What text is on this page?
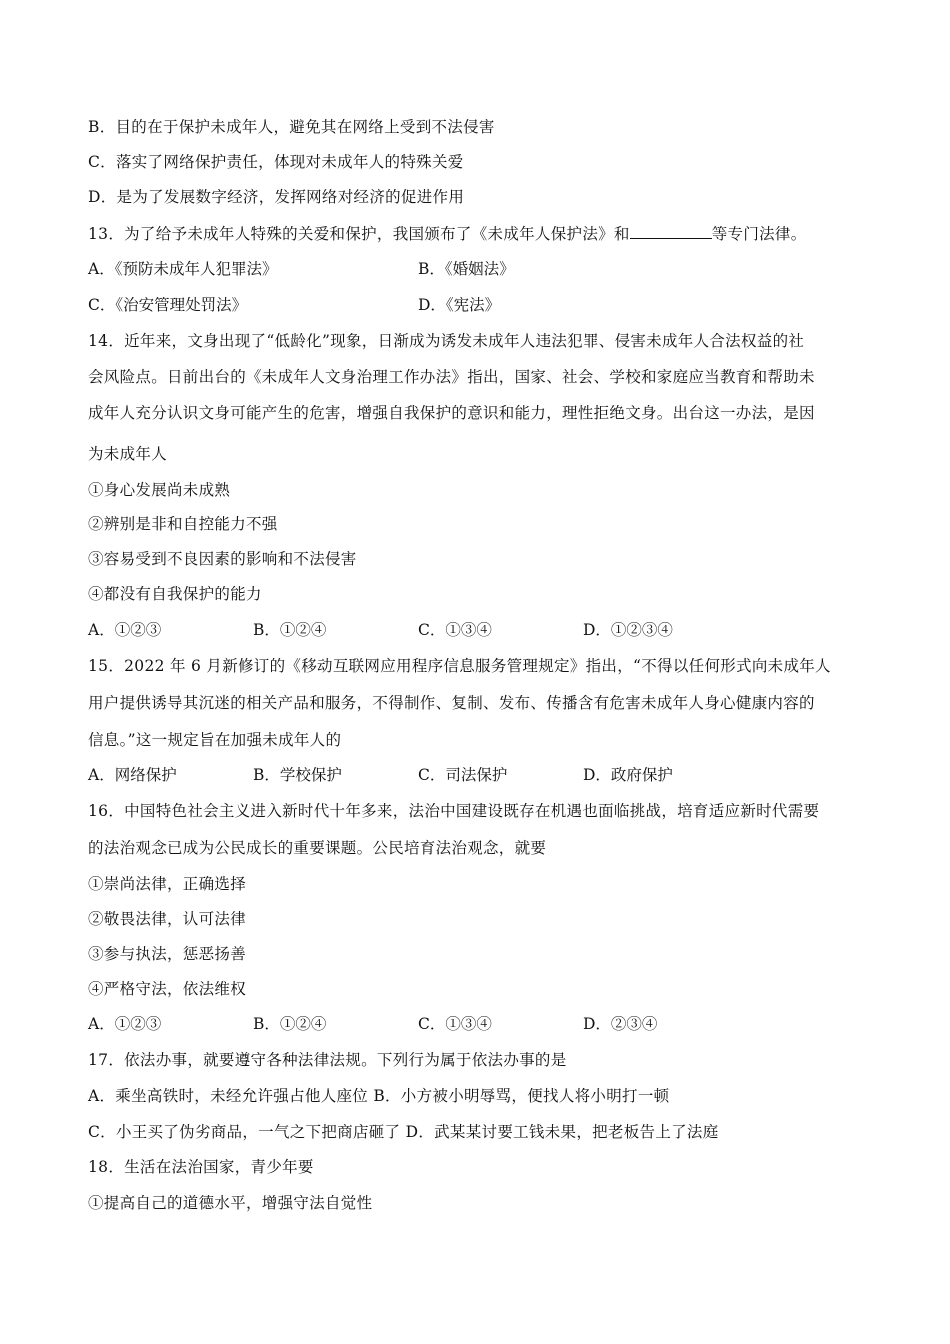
B．目的在于保护未成年人，避免其在网络上受到不法侵害
C．落实了网络保护责任，体现对未成年人的特殊关爱
D．是为了发展数字经济，发挥网络对经济的促进作用
13．为了给予未成年人特殊的关爱和保护，我国颁布了《未成年人保护法》和	等专门法律。
A．《预防未成年人犯罪法》	B．《婚姻法》
C．《治安管理处罚法》	D．《宪法》
14．近年来，文身出现了“低龄化”现象，日渐成为诱发未成年人违法犯罪、侵害未成年人合法权益的社
会风险点。日前出台的《未成年人文身治理工作办法》指出，国家、社会、学校和家庭应当教育和帮助未
成年人充分认识文身可能产生的危害，增强自我保护的意识和能力，理性拒绝文身。出台这一办法，是因
为未成年人
①身心发展尚未成熟
②辨别是非和自控能力不强
③容易受到不良因素的影响和不法侵害
④都没有自我保护的能力
A．①②③	B．①②④	C．①③④	D．①②③④
15．2022 年 6 月新修订的《移动互联网应用程序信息服务管理规定》指出，“不得以任何形式向未成年人
用户提供诱导其沉迷的相关产品和服务，不得制作、复制、发布、传播含有危害未成年人身心健康内容的
信息。”这一规定旨在加强未成年人的
A．网络保护	B．学校保护	C．司法保护	D．政府保护
16．中国特色社会主义进入新时代十年多来，法治中国建设既存在机遇也面临挑战，培育适应新时代需要
的法治观念已成为公民成长的重要课题。公民培育法治观念，就要
①崇尚法律，正确选择
②敬畏法律，认可法律
③参与执法，惩恶扬善
④严格守法，依法维权
A．①②③	B．①②④	C．①③④	D．②③④
17．依法办事，就要遵守各种法律法规。下列行为属于依法办事的是
A．乘坐高铁时，未经允许强占他人座位 B．小方被小明辱骂，便找人将小明打一顿
C．小王买了伪劣商品，一气之下把商店砸了 D．武某某讨要工钱未果，把老板告上了法庭
18．生活在法治国家，青少年要
①提高自己的道德水平，增强守法自觉性
